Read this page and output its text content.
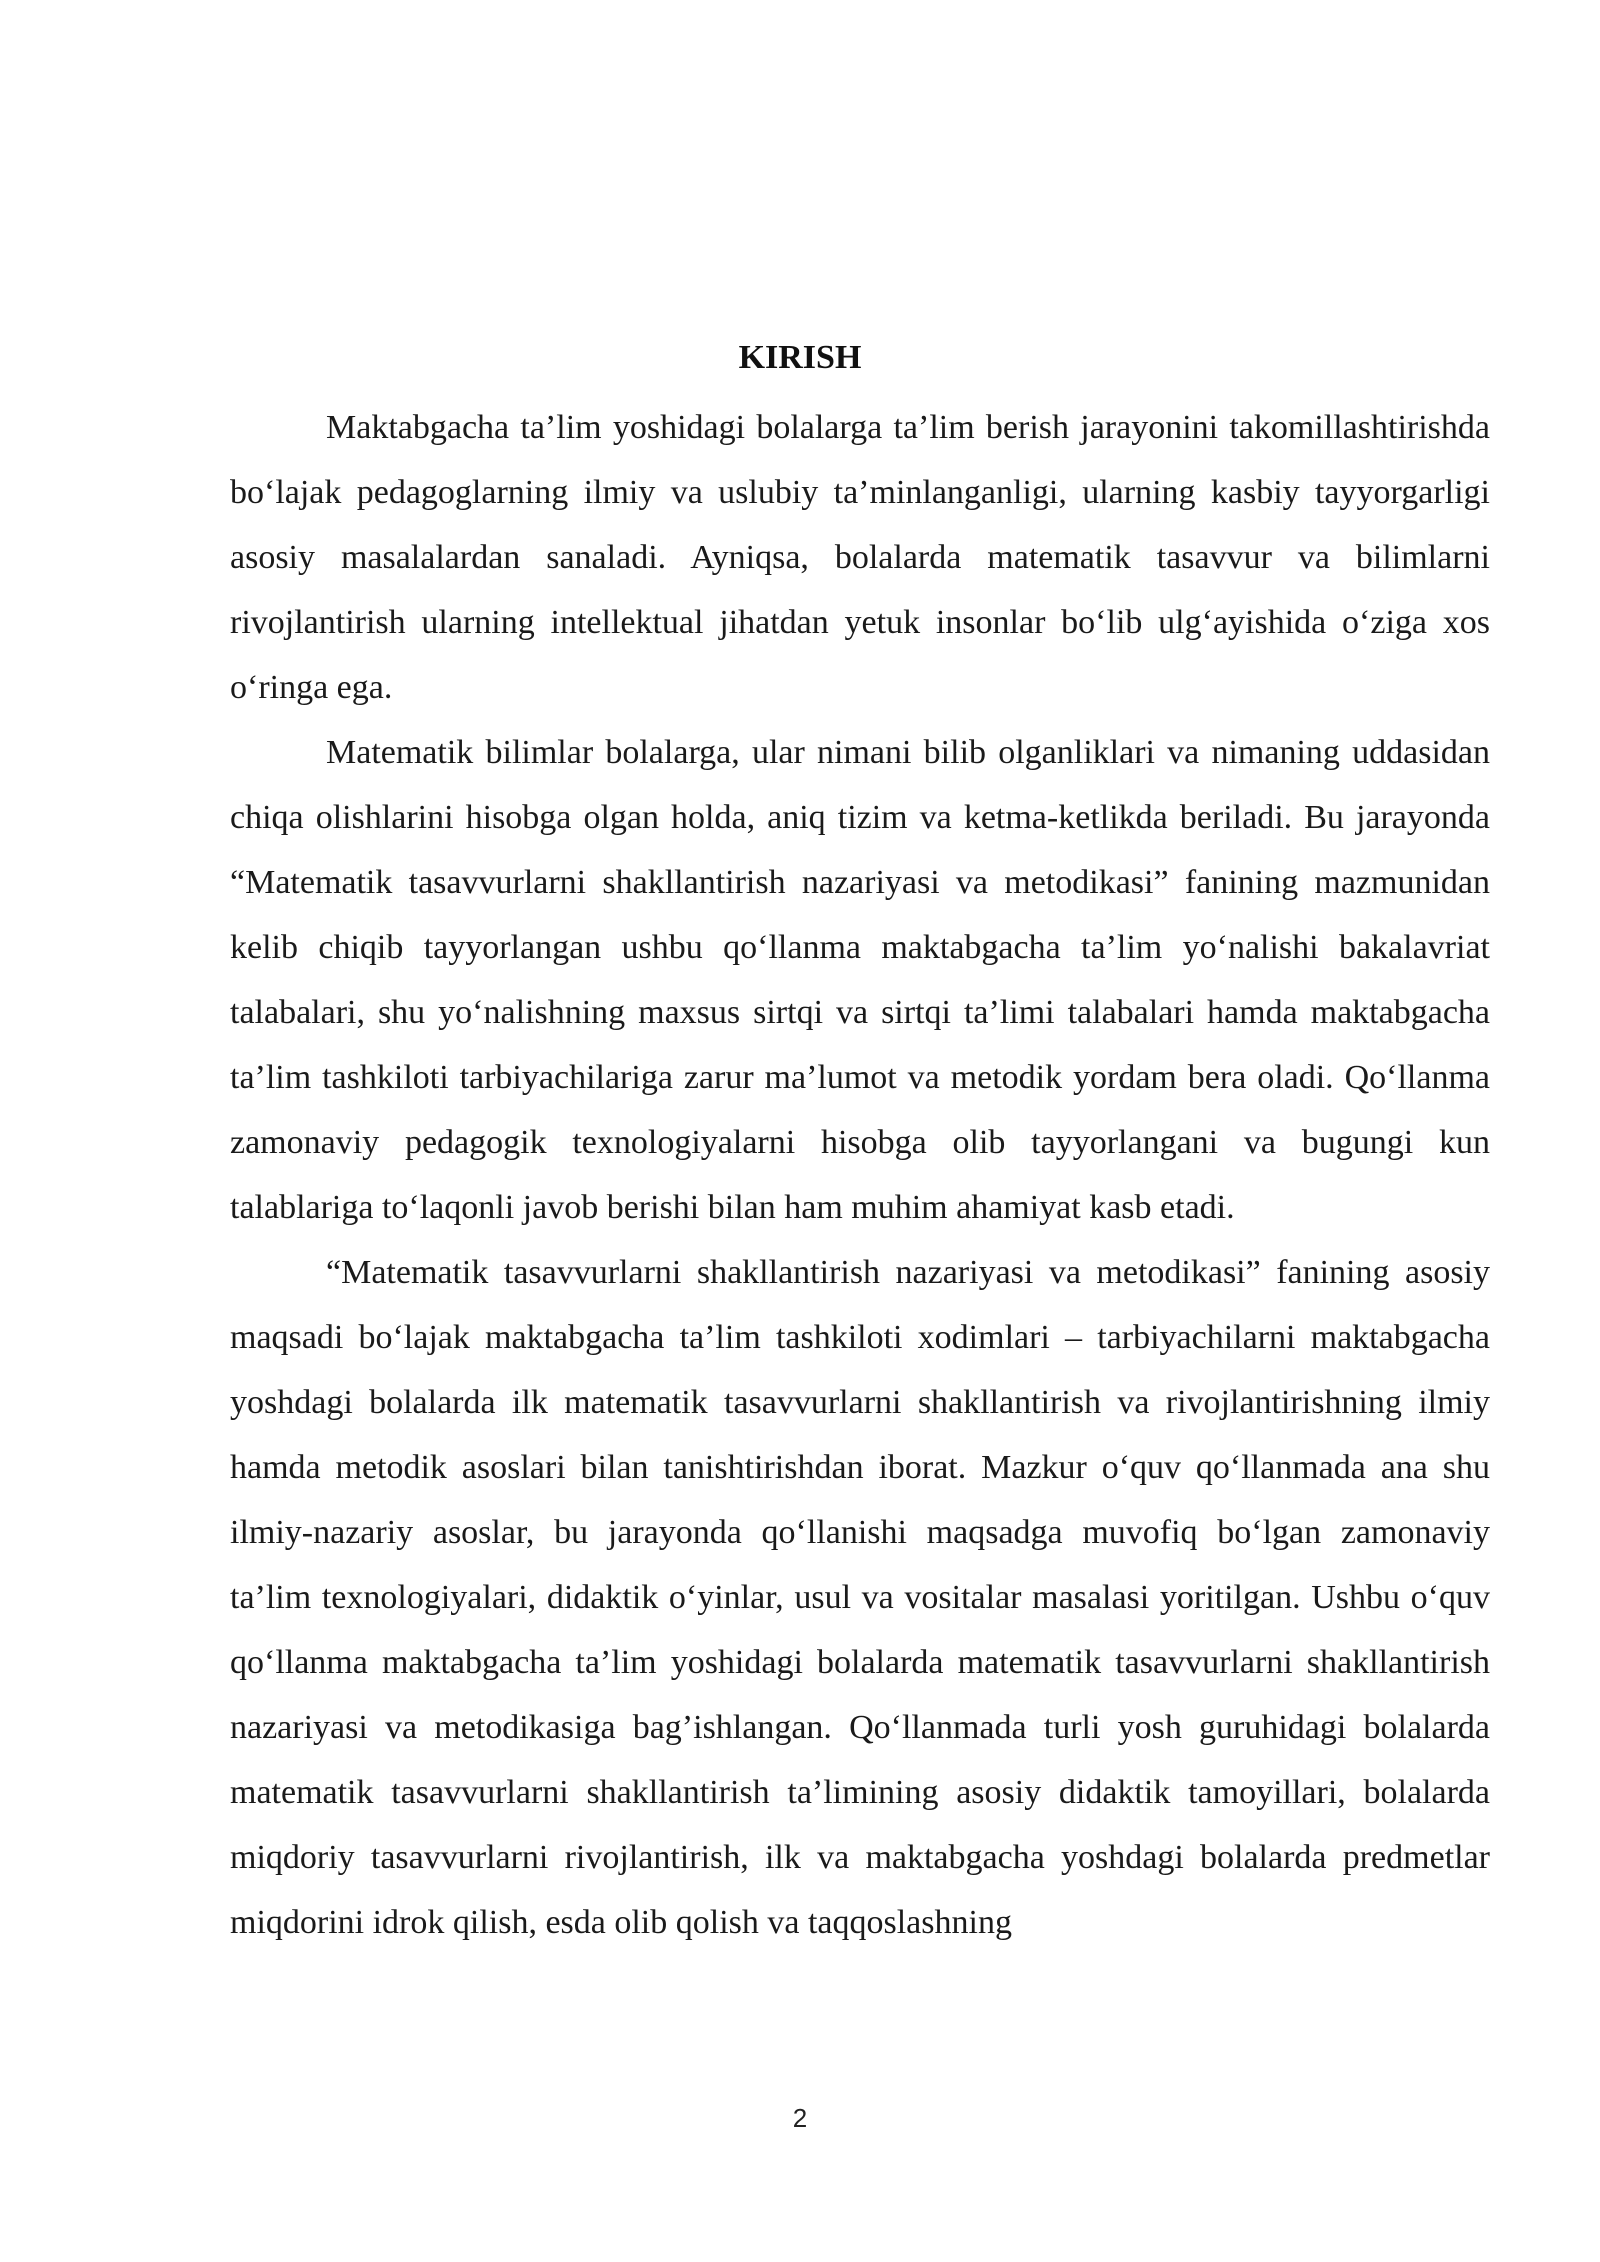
KIRISH

Maktabgacha ta’lim yoshidagi bolalarga ta’lim berish jarayonini takomillashtirishda bo‘lajak pedagoglarning ilmiy va uslubiy ta’minlanganligi, ularning kasbiy tayyorgarligi asosiy masalalardan sanaladi. Ayniqsa, bolalarda matematik tasavvur va bilimlarni rivojlantirish ularning intellektual jihatdan yetuk insonlar bo‘lib ulg‘ayishida o‘ziga xos o‘ringa ega.

Matematik bilimlar bolalarga, ular nimani bilib olganliklari va nimaning uddasidan chiqa olishlarini hisobga olgan holda, aniq tizim va ketma-ketlikda beriladi. Bu jarayonda “Matematik tasavvurlarni shakllantirish nazariyasi va metodikasi” fanining mazmunidan kelib chiqib tayyorlangan ushbu qo‘llanma maktabgacha ta’lim yo‘nalishi bakalavriat talabalari, shu yo‘nalishning maxsus sirtqi va sirtqi ta’limi talabalari hamda maktabgacha ta’lim tashkiloti tarbiyachilariga zarur ma’lumot va metodik yordam bera oladi. Qo‘llanma zamonaviy pedagogik texnologiyalarni hisobga olib tayyorlangani va bugungi kun talablariga to‘laqonli javob berishi bilan ham muhim ahamiyat kasb etadi.

“Matematik tasavvurlarni shakllantirish nazariyasi va metodikasi” fanining asosiy maqsadi bo‘lajak maktabgacha ta’lim tashkiloti xodimlari – tarbiyachilarni maktabgacha yoshdagi bolalarda ilk matematik tasavvurlarni shakllantirish va rivojlantirishning ilmiy hamda metodik asoslari bilan tanishtirishdan iborat. Mazkur o‘quv qo‘llanmada ana shu ilmiy-nazariy asoslar, bu jarayonda qo‘llanishi maqsadga muvofiq bo‘lgan zamonaviy ta’lim texnologiyalari, didaktik o‘yinlar, usul va vositalar masalasi yoritilgan. Ushbu o‘quv qo‘llanma maktabgacha ta’lim yoshidagi bolalarda matematik tasavvurlarni shakllantirish nazariyasi va metodikasiga bag’ishlangan. Qo‘llanmada turli yosh guruhidagi bolalarda matematik tasavvurlarni shakllantirish ta’limining asosiy didaktik tamoyillari, bolalarda miqdoriy tasavvurlarni rivojlantirish, ilk va maktabgacha yoshdagi bolalarda predmetlar miqdorini idrok qilish, esda olib qolish va taqqoslashning

2
